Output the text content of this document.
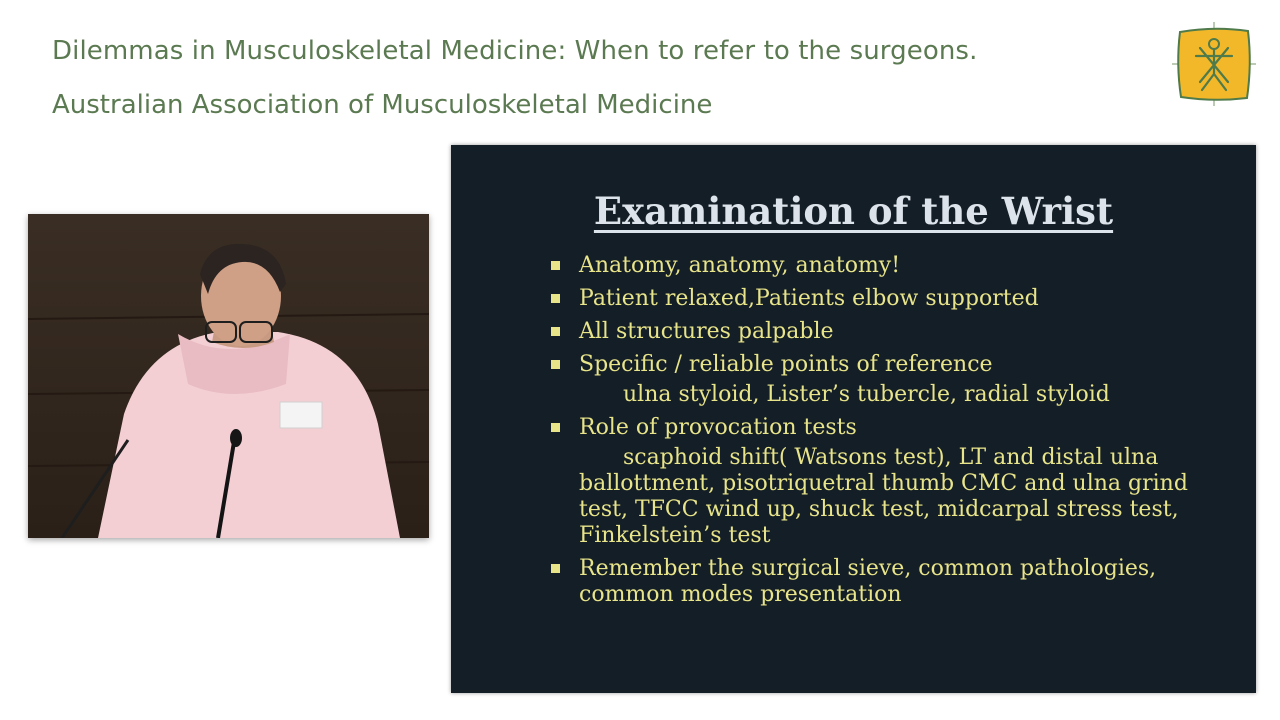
Dilemmas in Musculoskeletal Medicine: When to refer to the surgeons.
Australian Association of Musculoskeletal Medicine
Examination of the Wrist
Anatomy, anatomy, anatomy!
Patient relaxed,Patients elbow supported
All structures palpable
Specific / reliable points of reference
ulna styloid, Lister’s tubercle, radial styloid
Role of provocation tests
scaphoid shift( Watsons test), LT and distal ulna ballottment, pisotriquetral thumb CMC and ulna grind test, TFCC wind up, shuck test, midcarpal stress test, Finkelstein’s test
Remember the surgical sieve, common pathologies, common modes presentation
